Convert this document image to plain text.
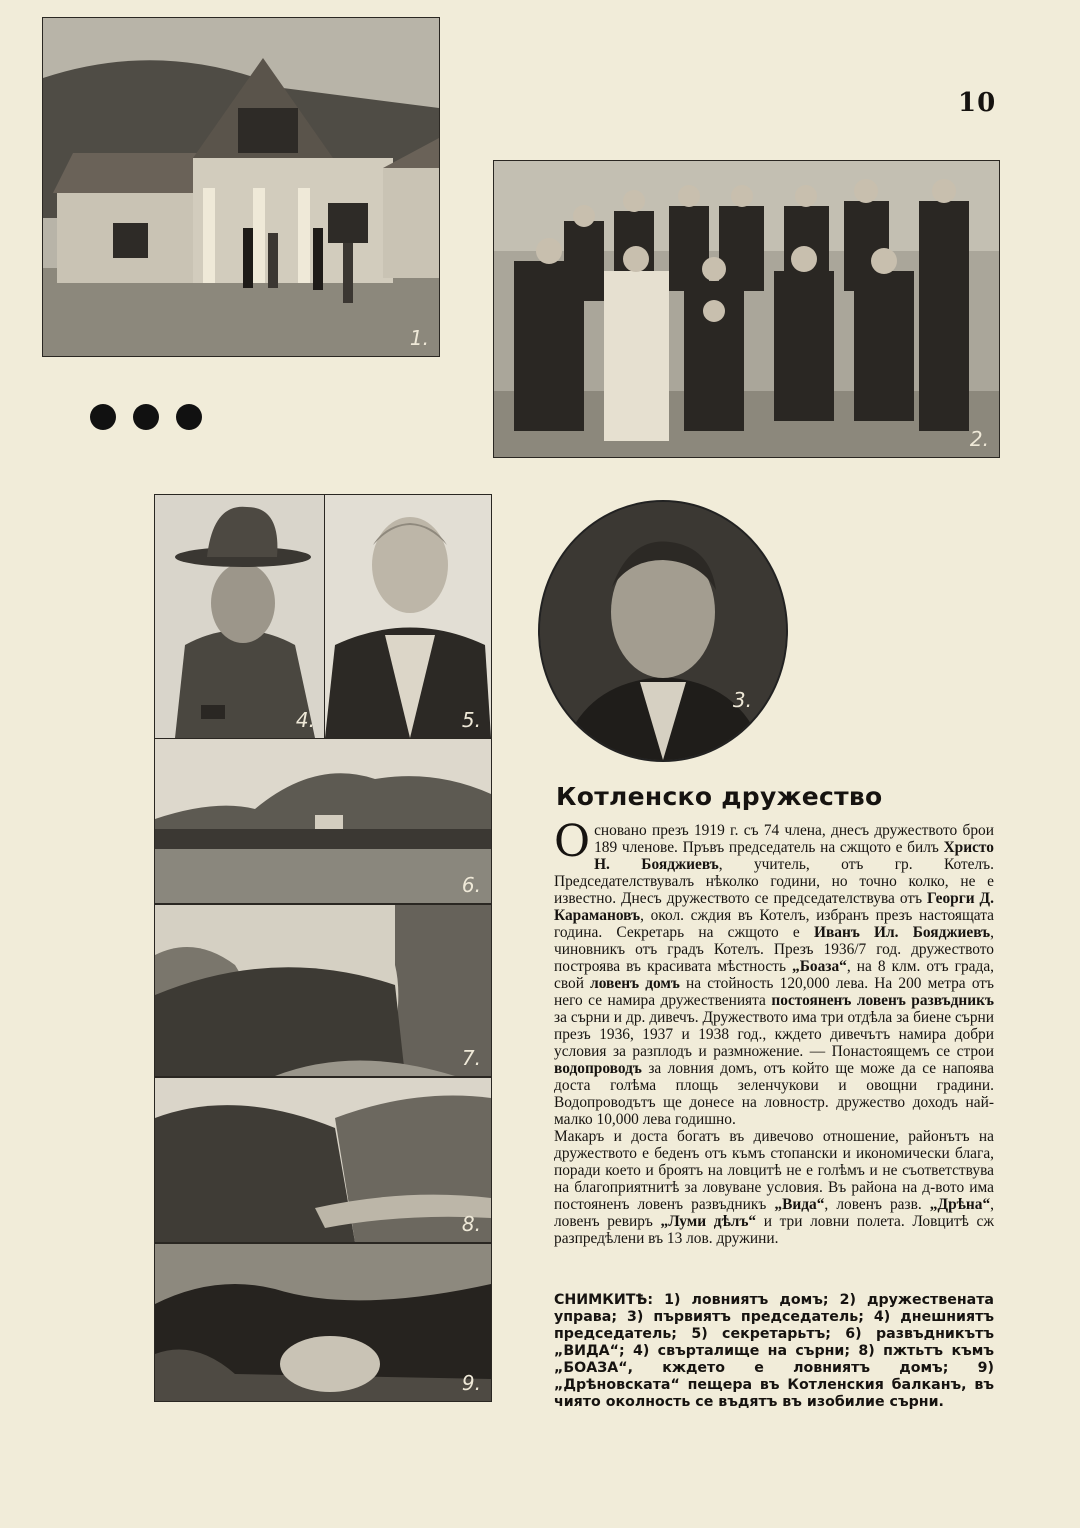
10
1.
2.
4.	5.
6.
7.
8.
9.
3.
Котленско дружество

Основано презъ 1919 г. съ 74 члена, днесъ дружеството брои 189 членове. Пръвъ председатель на сжщото е билъ Христо Н. Бояджиевъ, учитель, отъ гр. Котелъ. Председателствувалъ нѣколко години, но точно колко, не е известно. Днесъ дружеството се председателствува отъ Георги Д. Карамановъ, окол. сждия въ Котелъ, избранъ презъ настоящата година. Секретарь на сжщото е Иванъ Ил. Бояджиевъ, чиновникъ отъ градъ Котелъ. Презъ 1936/7 год. дружеството построява въ красивата мѣстность „Боаза“, на 8 клм. отъ града, свой ловенъ домъ на стойность 120,000 лева. На 200 метра отъ него се намира дружественията постояненъ ловенъ развъдникъ за сърни и др. дивечъ. Дружеството има три отдѣла за биене сърни презъ 1936, 1937 и 1938 год., кждето дивечътъ намира добри условия за разплодъ и размножение. — Понастоящемъ се строи водопроводъ за ловния домъ, отъ който ще може да се напоява доста голѣма площь зеленчукови и овощни градини. Водопроводътъ ще донесе на ловностр. дружество доходъ най-малко 10,000 лева годишно.

Макаръ и доста богатъ въ дивечово отношение, районътъ на дружеството е беденъ отъ къмъ стопански и икономически блага, поради което и броятъ на ловцитѣ не е голѣмъ и не съответствува на благоприятнитѣ за ловуване условия. Въ района на д-вото има постояненъ ловенъ развъдникъ „Вида“, ловенъ разв. „Дрѣна“, ловенъ ревиръ „Луми дѣлъ“ и три ловни полета. Ловцитѣ сж разпредѣлени въ 13 лов. дружини.

СНИМКИТѢ: 1) ловниятъ домъ; 2) дружествената управа; 3) първиятъ председатель; 4) днешниятъ председатель; 5) секретарьтъ; 6) развъдникътъ „ВИДА“; 4) свърталище на сърни; 8) пжтьтъ къмъ „БОАЗА“, кждето е ловниятъ домъ; 9) „Дрѣновската“ пещера въ Котленския балканъ, въ чиято околность се въдятъ въ изобилие сърни.
